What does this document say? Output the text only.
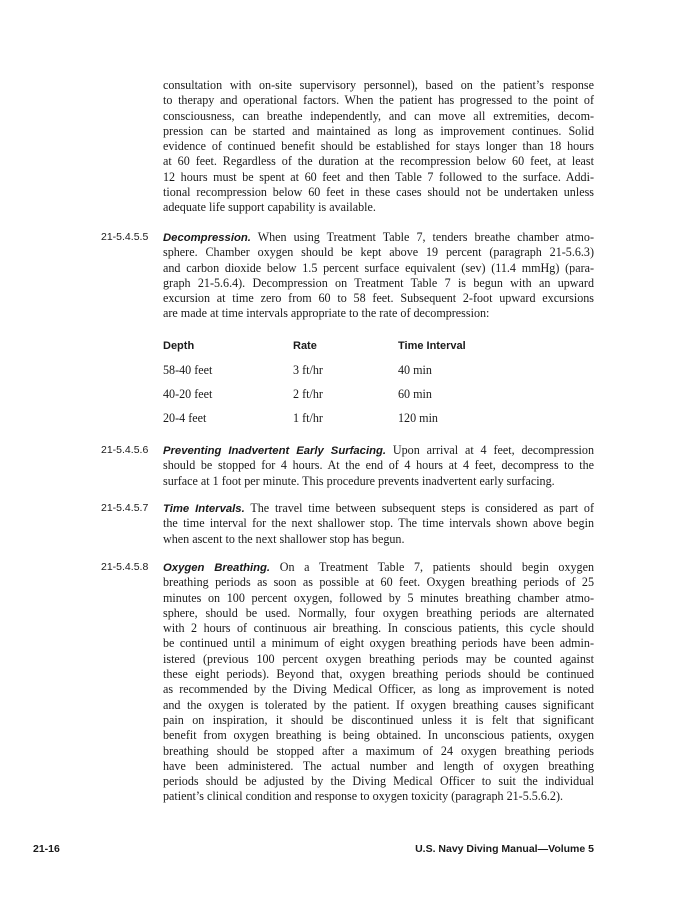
consultation with on-site supervisory personnel), based on the patient’s response
to therapy and operational factors. When the patient has progressed to the point of
consciousness, can breathe independently, and can move all extremities, decom-
pression can be started and maintained as long as improvement continues. Solid
evidence of continued benefit should be established for stays longer than 18 hours
at 60 feet. Regardless of the duration at the recompression below 60 feet, at least
12 hours must be spent at 60 feet and then Table 7 followed to the surface. Addi-
tional recompression below 60 feet in these cases should not be undertaken unless
adequate life support capability is available.
21-5.4.5.5 Decompression. When using Treatment Table 7, tenders breathe chamber atmo-
sphere. Chamber oxygen should be kept above 19 percent (paragraph 21-5.6.3)
and carbon dioxide below 1.5 percent surface equivalent (sev) (11.4 mmHg) (para-
graph 21-5.6.4). Decompression on Treatment Table 7 is begun with an upward
excursion at time zero from 60 to 58 feet. Subsequent 2-foot upward excursions
are made at time intervals appropriate to the rate of decompression:
Depth	Rate	Time Interval
58-40 feet	3 ft/hr	40 min
40-20 feet	2 ft/hr	60 min
20-4 feet	1 ft/hr	120 min
21-5.4.5.6 Preventing Inadvertent Early Surfacing. Upon arrival at 4 feet, decompression
should be stopped for 4 hours. At the end of 4 hours at 4 feet, decompress to the
surface at 1 foot per minute. This procedure prevents inadvertent early surfacing.
21-5.4.5.7 Time Intervals. The travel time between subsequent steps is considered as part of
the time interval for the next shallower stop. The time intervals shown above begin
when ascent to the next shallower stop has begun.
21-5.4.5.8 Oxygen Breathing. On a Treatment Table 7, patients should begin oxygen
breathing periods as soon as possible at 60 feet. Oxygen breathing periods of 25
minutes on 100 percent oxygen, followed by 5 minutes breathing chamber atmo-
sphere, should be used. Normally, four oxygen breathing periods are alternated
with 2 hours of continuous air breathing. In conscious patients, this cycle should
be continued until a minimum of eight oxygen breathing periods have been admin-
istered (previous 100 percent oxygen breathing periods may be counted against
these eight periods). Beyond that, oxygen breathing periods should be continued
as recommended by the Diving Medical Officer, as long as improvement is noted
and the oxygen is tolerated by the patient. If oxygen breathing causes significant
pain on inspiration, it should be discontinued unless it is felt that significant
benefit from oxygen breathing is being obtained. In unconscious patients, oxygen
breathing should be stopped after a maximum of 24 oxygen breathing periods
have been administered. The actual number and length of oxygen breathing
periods should be adjusted by the Diving Medical Officer to suit the individual
patient’s clinical condition and response to oxygen toxicity (paragraph 21-5.5.6.2).
21-16	U.S. Navy Diving Manual—Volume 5
